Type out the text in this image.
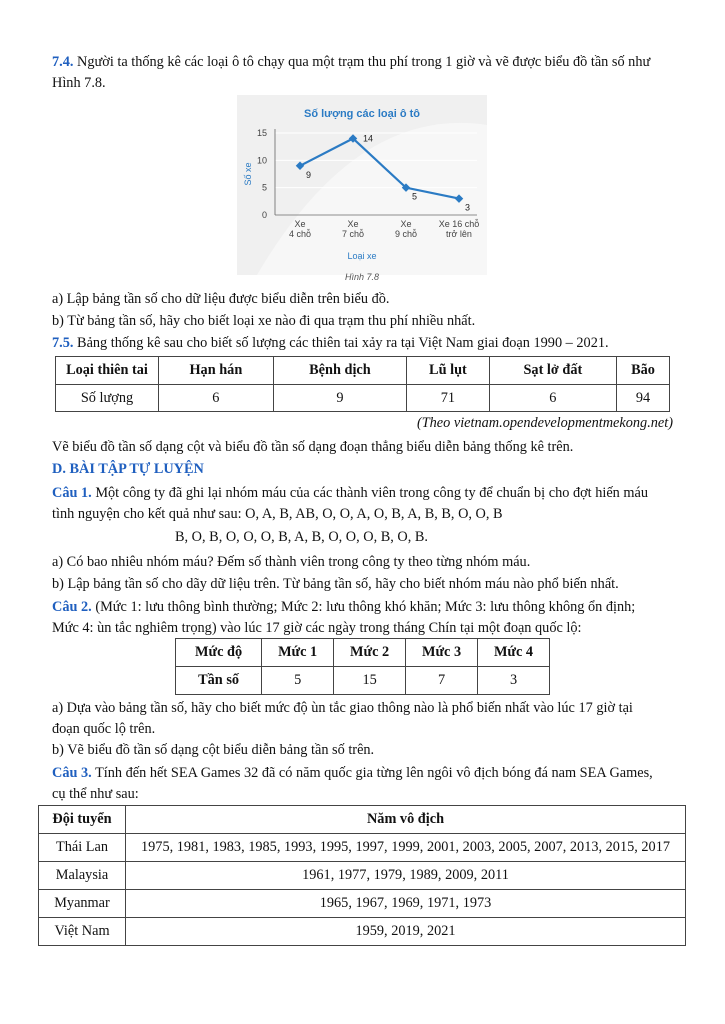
7.4. Người ta thống kê các loại ô tô chạy qua một trạm thu phí trong 1 giờ và vẽ được biểu đồ tần số như
Hình 7.8.
Số lượng các loại ô tô
0
5
10
15
Số xe
Xe
4 chỗ
Xe
7 chỗ
Xe
9 chỗ
Xe 16 chỗ
trở lên
Loại xe
9
14
5
3
Hình 7.8
a) Lập bảng tần số cho dữ liệu được biểu diễn trên biểu đồ.
b) Từ bảng tần số, hãy cho biết loại xe nào đi qua trạm thu phí nhiều nhất.
7.5. Bảng thống kê sau cho biết số lượng các thiên tai xảy ra tại Việt Nam giai đoạn 1990 – 2021.
Loại thiên tai	Hạn hán	Bệnh dịch	Lũ lụt	Sạt lở đất	Bão
Số lượng	6	9	71	6	94
(Theo vietnam.opendevelopmentmekong.net)
Vẽ biểu đồ tần số dạng cột và biểu đồ tần số dạng đoạn thẳng biểu diễn bảng thống kê trên.
D. BÀI TẬP TỰ LUYỆN
Câu 1. Một công ty đã ghi lại nhóm máu của các thành viên trong công ty để chuẩn bị cho đợt hiến máu
tình nguyện cho kết quả như sau: O, A, B, AB, O, O, A, O, B, A, B, B, O, O, B
B, O, B, O, O, O, B, A, B, O, O, O, B, O, B.
a) Có bao nhiêu nhóm máu? Đếm số thành viên trong công ty theo từng nhóm máu.
b) Lập bảng tần số cho dãy dữ liệu trên. Từ bảng tần số, hãy cho biết nhóm máu nào phổ biến nhất.
Câu 2. (Mức 1: lưu thông bình thường; Mức 2: lưu thông khó khăn; Mức 3: lưu thông không ổn định;
Mức 4: ùn tắc nghiêm trọng) vào lúc 17 giờ các ngày trong tháng Chín tại một đoạn quốc lộ:
Mức độ	Mức 1	Mức 2	Mức 3	Mức 4
Tần số	5	15	7	3
a) Dựa vào bảng tần số, hãy cho biết mức độ ùn tắc giao thông nào là phổ biến nhất vào lúc 17 giờ tại
đoạn quốc lộ trên.
b) Vẽ biểu đồ tần số dạng cột biểu diễn bảng tần số trên.
Câu 3. Tính đến hết SEA Games 32 đã có năm quốc gia từng lên ngôi vô địch bóng đá nam SEA Games,
cụ thể như sau:
Đội tuyển	Năm vô địch
Thái Lan	1975, 1981, 1983, 1985, 1993, 1995, 1997, 1999, 2001, 2003, 2005, 2007, 2013, 2015, 2017
Malaysia	1961, 1977, 1979, 1989, 2009, 2011
Myanmar	1965, 1967, 1969, 1971, 1973
Việt Nam	1959, 2019, 2021
